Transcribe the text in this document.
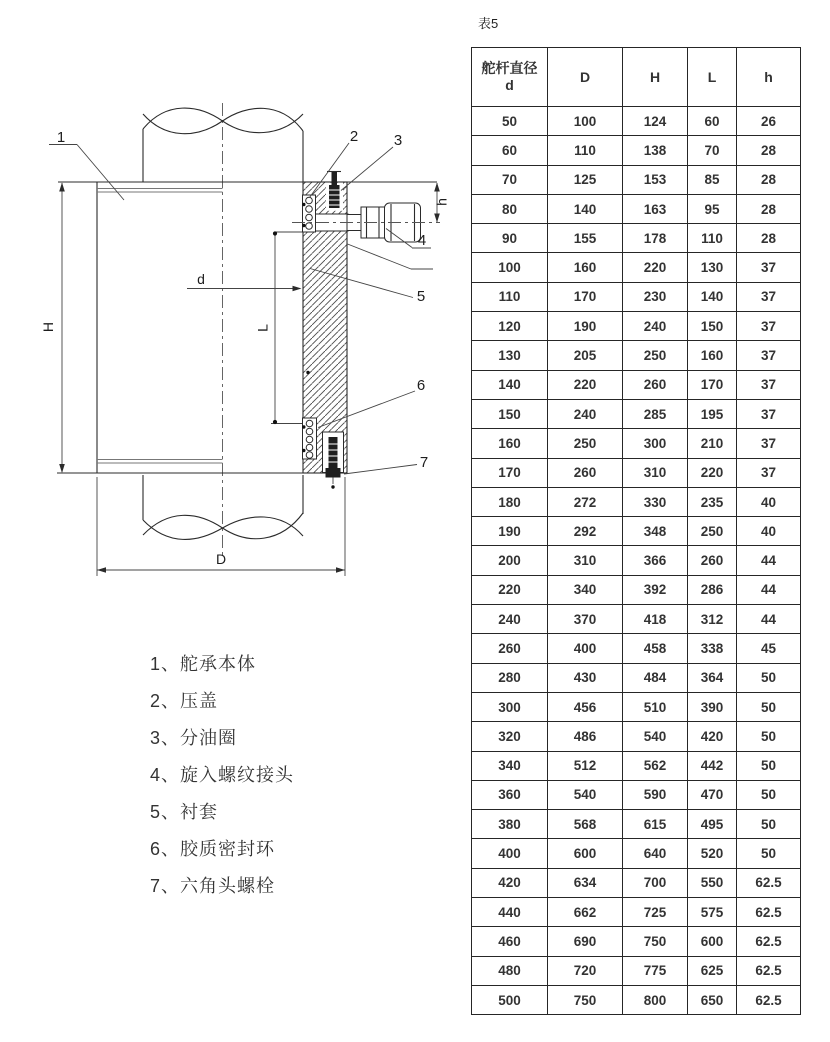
H
d
L
h
D
1	2 3
4
5
6
7
1、舵承本体
2、压盖
3、分油圈
4、旋入螺纹接头
5、衬套
6、胶质密封环
7、六角头螺栓
表5
舵杆直径
d	D	H	L	h
50	100	124	60	26
60	110	138	70	28
70	125	153	85	28
80	140	163	95	28
90	155	178	110	28
100	160	220	130	37
110	170	230	140	37
120	190	240	150	37
130	205	250	160	37
140	220	260	170	37
150	240	285	195	37
160	250	300	210	37
170	260	310	220	37
180	272	330	235	40
190	292	348	250	40
200	310	366	260	44
220	340	392	286	44
240	370	418	312	44
260	400	458	338	45
280	430	484	364	50
300	456	510	390	50
320	486	540	420	50
340	512	562	442	50
360	540	590	470	50
380	568	615	495	50
400	600	640	520	50
420	634	700	550	62.5
440	662	725	575	62.5
460	690	750	600	62.5
480	720	775	625	62.5
500	750	800	650	62.5
